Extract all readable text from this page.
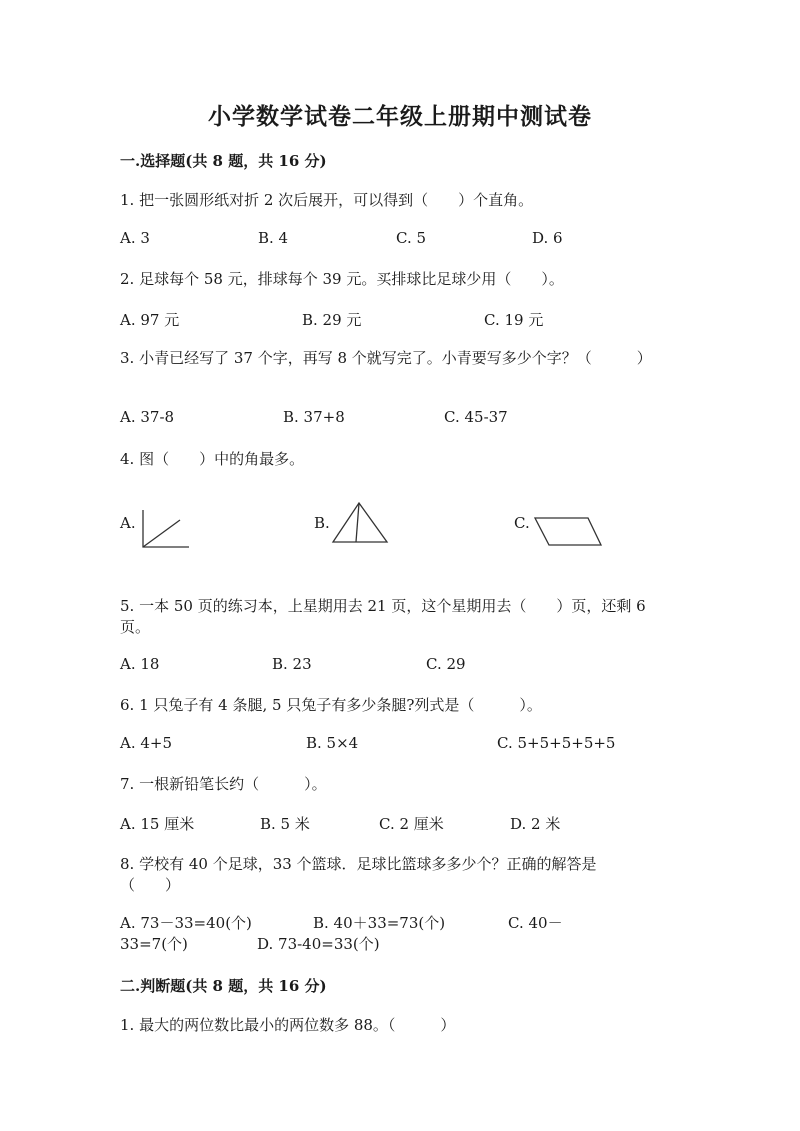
小学数学试卷二年级上册期中测试卷
一.选择题(共 8 题，共 16 分)
1. 把一张圆形纸对折 2 次后展开，可以得到（　　）个直角。
A. 3	B. 4	C. 5	D. 6
2. 足球每个 58 元，排球每个 39 元。买排球比足球少用（　　）。
A. 97 元	B. 29 元	C. 19 元
3. 小青已经写了 37 个字，再写 8 个就写完了。小青要写多少个字？（　　　）
A. 37-8	B. 37+8	C. 45-37
4. 图（　　）中的角最多。
A.	B.	C.
5. 一本 50 页的练习本，上星期用去 21 页，这个星期用去（　　）页，还剩 6
页。
A. 18	B. 23	C. 29
6. 1 只兔子有 4 条腿, 5 只兔子有多少条腿?列式是（　　　）。
A. 4+5	B. 5×4	C. 5+5+5+5+5
7. 一根新铅笔长约（　　　）。
A. 15 厘米	B. 5 米	C. 2 厘米	D. 2 米
8. 学校有 40 个足球，33 个篮球．足球比篮球多多少个？正确的解答是
（　　）
A. 73－33=40(个)	B. 40＋33=73(个)	C. 40－
33=7(个)	D. 73-40=33(个)
二.判断题(共 8 题，共 16 分)
1. 最大的两位数比最小的两位数多 88。（　　　）
